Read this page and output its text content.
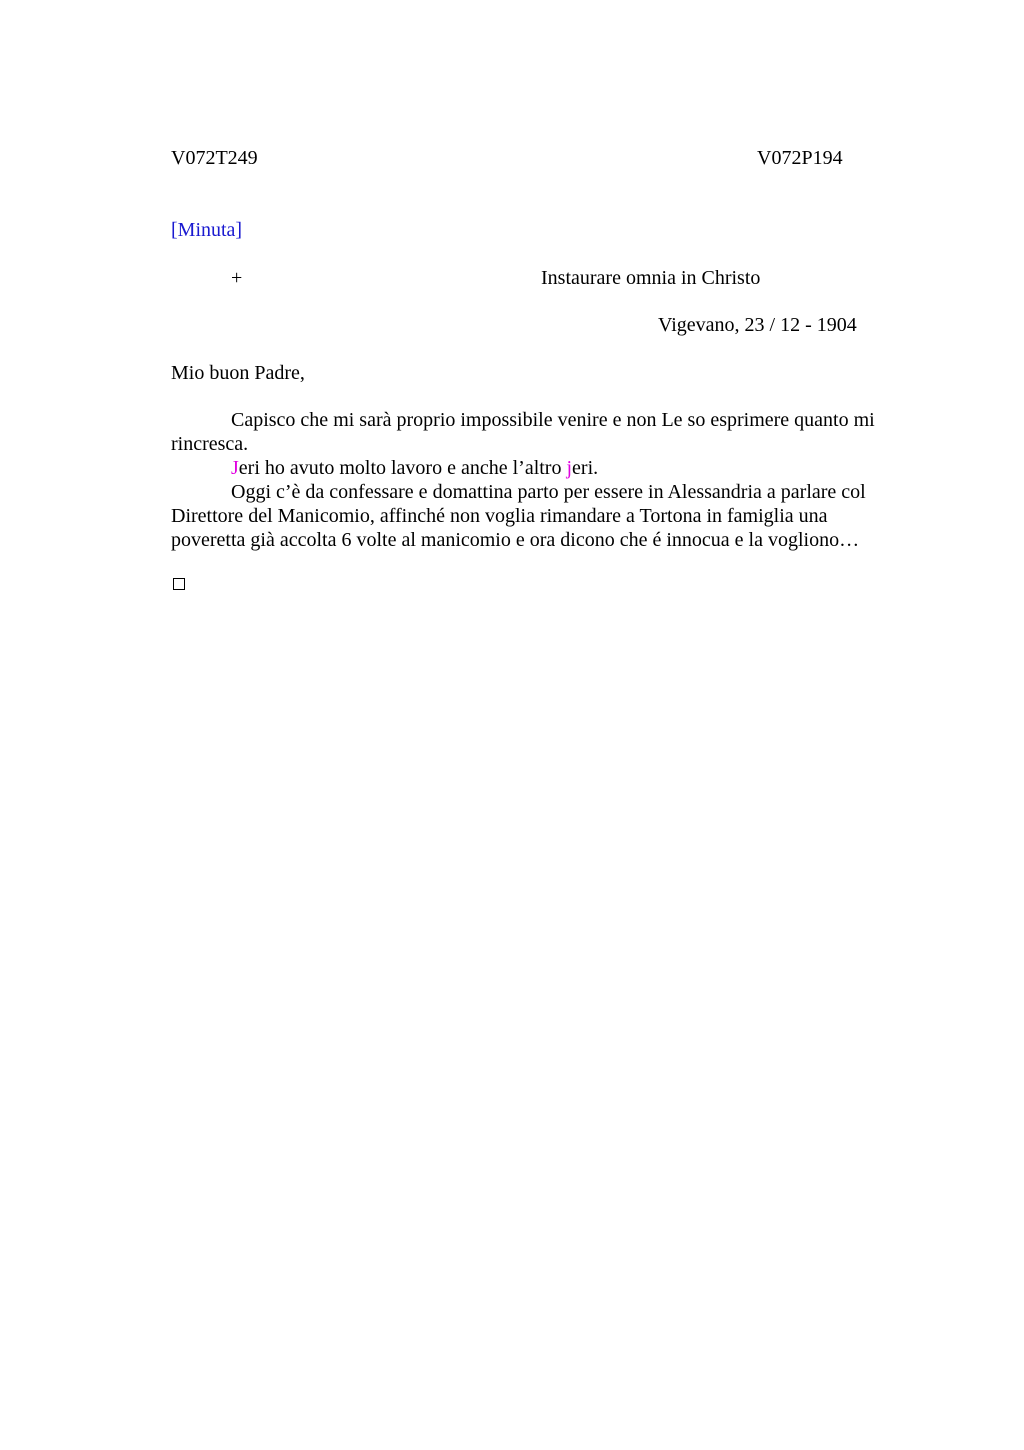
V072T249	V072P194
[Minuta]
+	Instaurare omnia in Christo
Vigevano, 23 / 12 - 1904
Mio buon Padre,

Capisco che mi sarà proprio impossibile venire e non Le so esprimere quanto mi rincresca.

Jeri ho avuto molto lavoro e anche l’altro jeri.

Oggi c’è da confessare e domattina parto per essere in Alessandria a parlare col Direttore del Manicomio, affinché non voglia rimandare a Tortona in famiglia una poveretta già accolta 6 volte al manicomio e ora dicono che é innocua e la vogliono…
